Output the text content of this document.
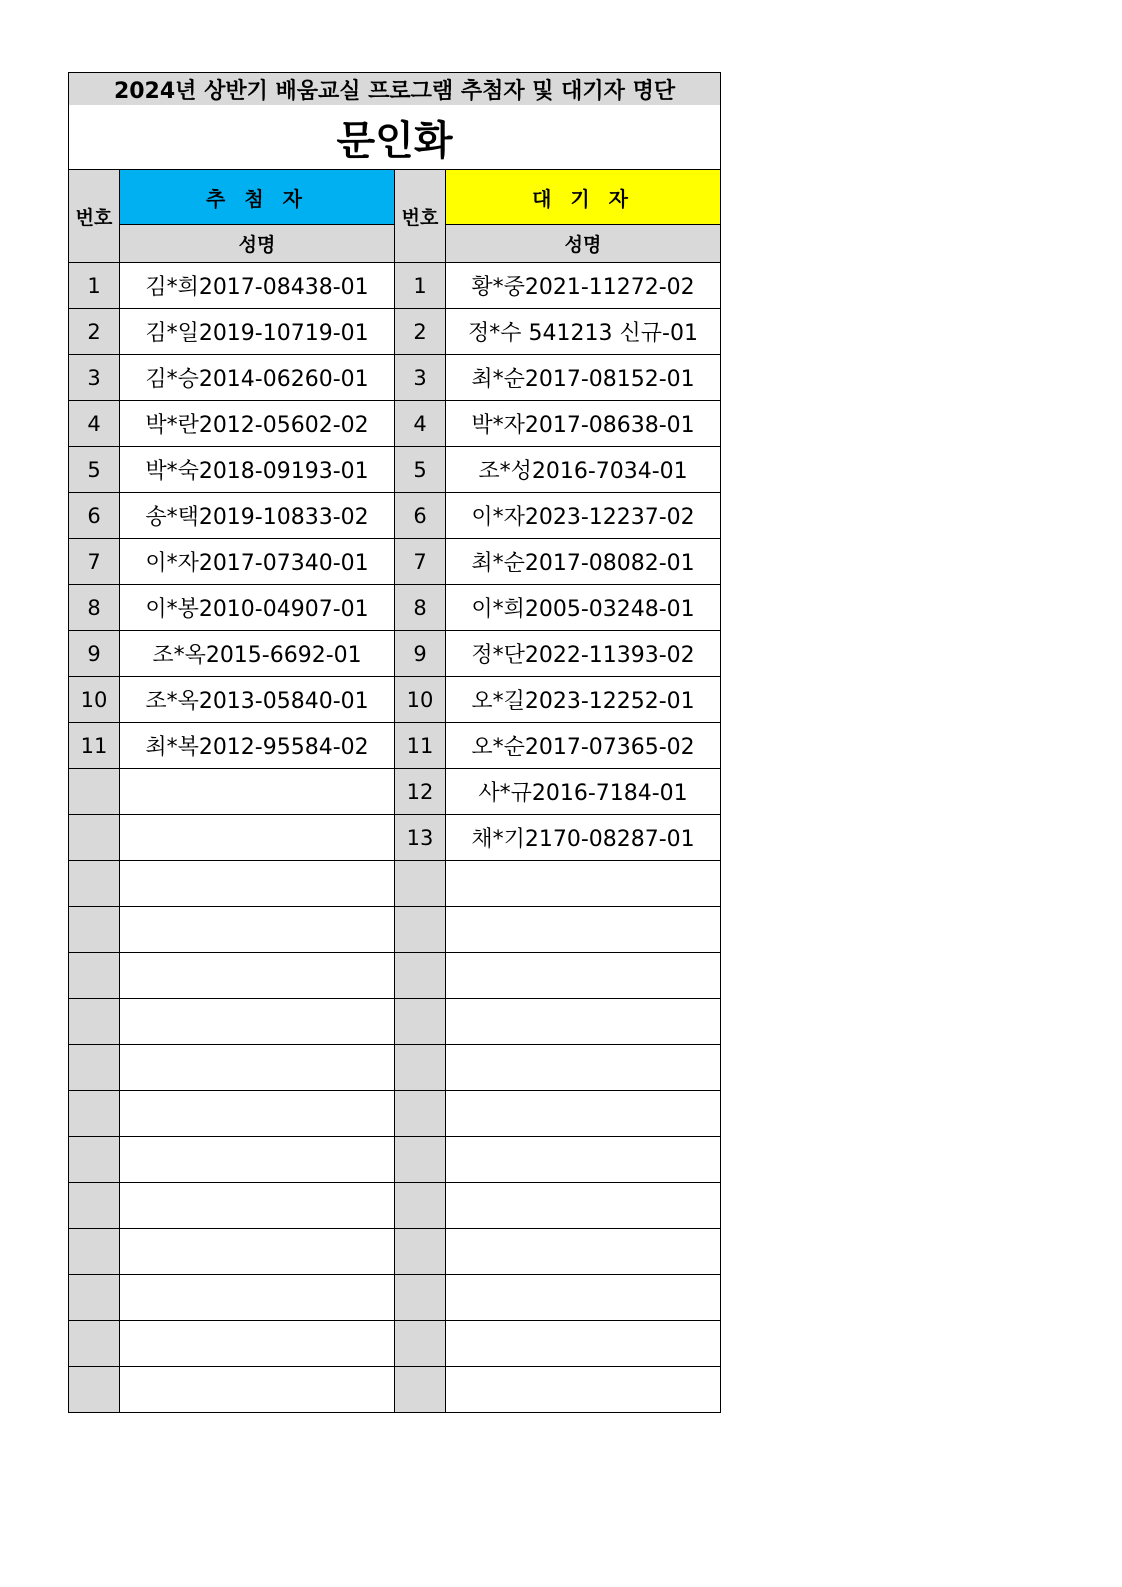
2024년 상반기 배움교실 프로그램 추첨자 및 대기자 명단			
문인화			
번호	추 첨 자	번호	대 기 자
	성명		성명
1	김*희2017-08438-01	1	황*중2021-11272-02
2	김*일2019-10719-01	2	정*수 541213 신규-01
3	김*승2014-06260-01	3	최*순2017-08152-01
4	박*란2012-05602-02	4	박*자2017-08638-01
5	박*숙2018-09193-01	5	조*성2016-7034-01
6	송*택2019-10833-02	6	이*자2023-12237-02
7	이*자2017-07340-01	7	최*순2017-08082-01
8	이*봉2010-04907-01	8	이*희2005-03248-01
9	조*옥2015-6692-01	9	정*단2022-11393-02
10	조*옥2013-05840-01	10	오*길2023-12252-01
11	최*복2012-95584-02	11	오*순2017-07365-02
		12	사*규2016-7184-01
		13	채*기2170-08287-01
